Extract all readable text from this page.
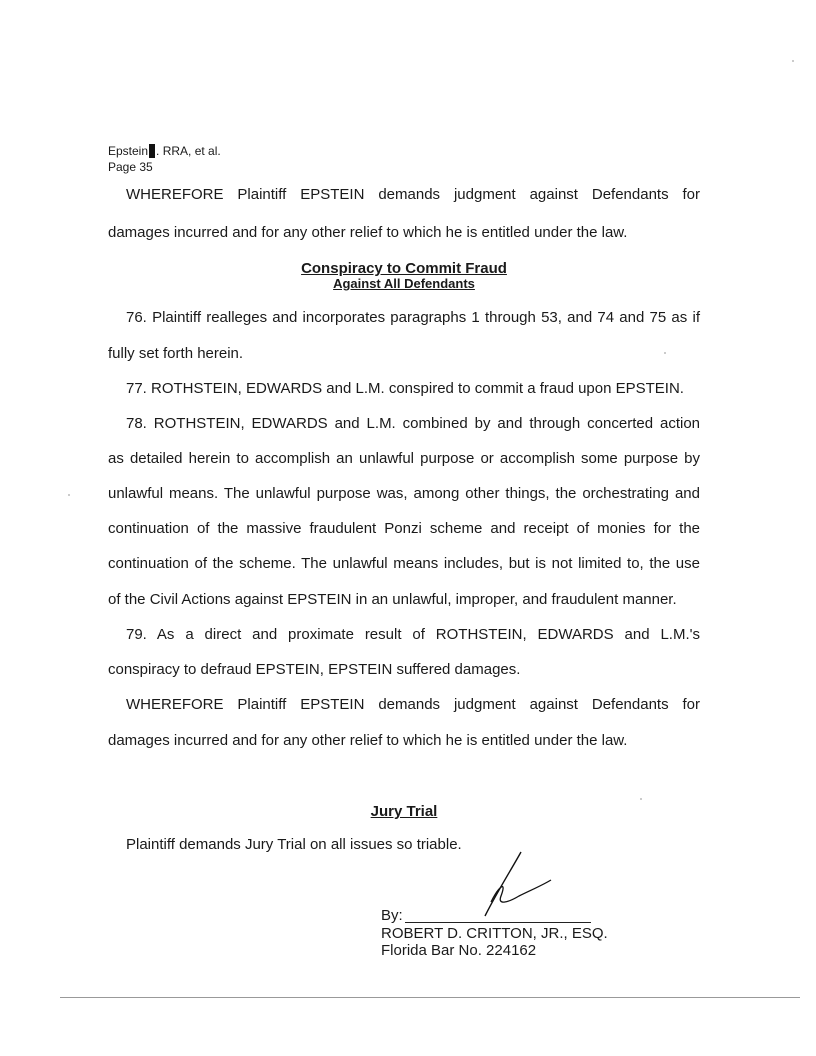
Epstein . RRA, et al.
Page 35
WHEREFORE Plaintiff EPSTEIN demands judgment against Defendants for
damages incurred and for any other relief to which he is entitled under the law.
Conspiracy to Commit Fraud
Against All Defendants
76. Plaintiff realleges and incorporates paragraphs 1 through 53, and 74 and 75 as if
fully set forth herein.
77. ROTHSTEIN, EDWARDS and L.M. conspired to commit a fraud upon EPSTEIN.
78. ROTHSTEIN, EDWARDS and L.M. combined by and through concerted action
as detailed herein to accomplish an unlawful purpose or accomplish some purpose by
unlawful means. The unlawful purpose was, among other things, the orchestrating and
continuation of the massive fraudulent Ponzi scheme and receipt of monies for the
continuation of the scheme. The unlawful means includes, but is not limited to, the use
of the Civil Actions against EPSTEIN in an unlawful, improper, and fraudulent manner.
79. As a direct and proximate result of ROTHSTEIN, EDWARDS and L.M.'s
conspiracy to defraud EPSTEIN, EPSTEIN suffered damages.
WHEREFORE Plaintiff EPSTEIN demands judgment against Defendants for
damages incurred and for any other relief to which he is entitled under the law.
Jury Trial
Plaintiff demands Jury Trial on all issues so triable.
By:
ROBERT D. CRITTON, JR., ESQ.
Florida Bar No. 224162
